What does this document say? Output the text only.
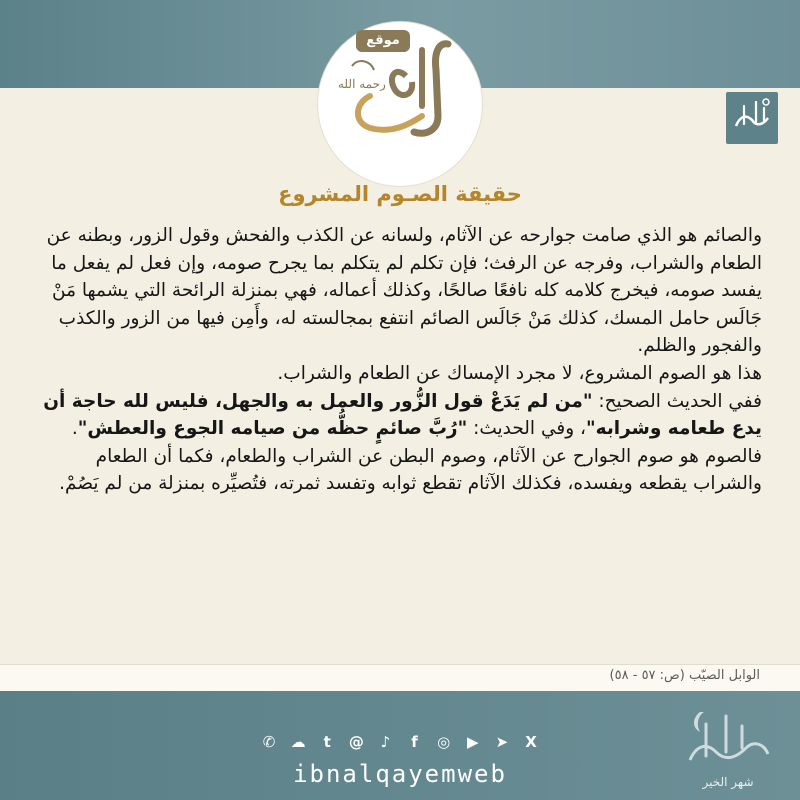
رحمه الله
موقع
حقيقة الصـوم المشروع

والصائم هو الذي صامت جوارحه عن الآثام، ولسانه عن الكذب والفحش وقول الزور، وبطنه عن الطعام والشراب، وفرجه عن الرفث؛ فإن تكلم لم يتكلم بما يجرح صومه، وإن فعل لم يفعل ما يفسد صومه، فيخرج كلامه كله نافعًا صالحًا، وكذلك أعماله، فهي بمنزلة الرائحة التي يشمها مَنْ جَالَس حامل المسك، كذلك مَنْ جَالَس الصائم انتفع بمجالسته له، وأَمِن فيها من الزور والكذب والفجور والظلم.

هذا هو الصوم المشروع، لا مجرد الإمساك عن الطعام والشراب.

ففي الحديث الصحيح: "من لم يَدَعْ قول الزُّور والعمل به والجهل، فليس لله حاجة أن يدع طعامه وشرابه"، وفي الحديث: "رُبَّ صائمٍ حظُّه من صيامه الجوع والعطش".

فالصوم هو صوم الجوارح عن الآثام، وصوم البطن عن الشراب والطعام، فكما أن الطعام والشراب يقطعه ويفسده، فكذلك الآثام تقطع ثوابه وتفسد ثمرته، فتُصيِّره بمنزلة من لم يَصُمْ.

الوابل الصيّب (ص: ٥٧ - ٥٨)
✆	☁	t	@	♪	f	◎	▶	➤	X
ibnalqayemweb	شهر الخير
